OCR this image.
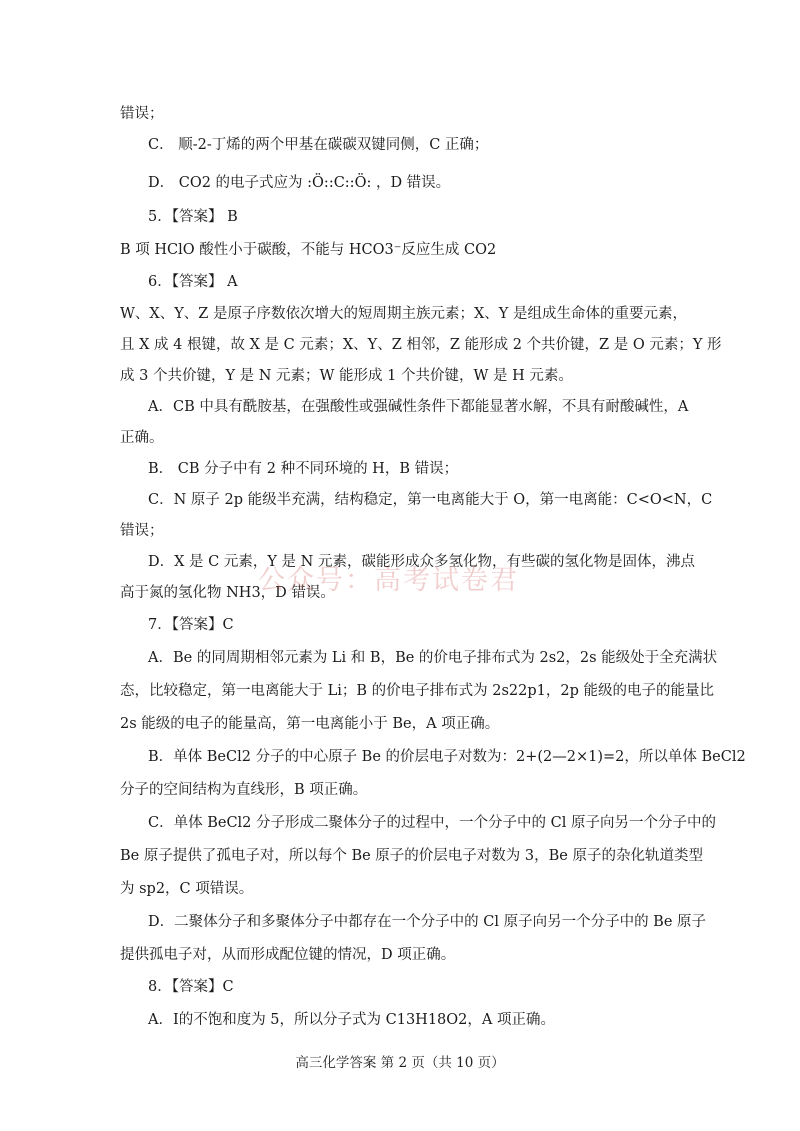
错误；
C． 顺-2-丁烯的两个甲基在碳碳双键同侧，C 正确；
D． CO2 的电子式应为 :Ö::C::Ö: ，D 错误。
5．【答案】 B
B 项 HClO 酸性小于碳酸，不能与 HCO3⁻反应生成 CO2
6．【答案】 A
W、X、Y、Z 是原子序数依次增大的短周期主族元素；X、Y 是组成生命体的重要元素，
且 X 成 4 根键，故 X 是 C 元素；X、Y、Z 相邻，Z 能形成 2 个共价键，Z 是 O 元素；Y 形
成 3 个共价键，Y 是 N 元素；W 能形成 1 个共价键，W 是 H 元素。
A．CB 中具有酰胺基，在强酸性或强碱性条件下都能显著水解，不具有耐酸碱性，A
正确。
B． CB 分子中有 2 种不同环境的 H，B 错误；
C．N 原子 2p 能级半充满，结构稳定，第一电离能大于 O，第一电离能：C<O<N，C
错误；
D．X 是 C 元素，Y 是 N 元素，碳能形成众多氢化物，有些碳的氢化物是固体，沸点
高于氮的氢化物 NH3，D 错误。
7．【答案】C
A．Be 的同周期相邻元素为 Li 和 B，Be 的价电子排布式为 2s2，2s 能级处于全充满状
态，比较稳定，第一电离能大于 Li；B 的价电子排布式为 2s22p1，2p 能级的电子的能量比
2s 能级的电子的能量高，第一电离能小于 Be，A 项正确。
B．单体 BeCl2 分子的中心原子 Be 的价层电子对数为：2+(2—2×1)=2，所以单体 BeCl2
分子的空间结构为直线形，B 项正确。
C．单体 BeCl2 分子形成二聚体分子的过程中，一个分子中的 Cl 原子向另一个分子中的
Be 原子提供了孤电子对，所以每个 Be 原子的价层电子对数为 3，Be 原子的杂化轨道类型
为 sp2，C 项错误。
D．二聚体分子和多聚体分子中都存在一个分子中的 Cl 原子向另一个分子中的 Be 原子
提供孤电子对，从而形成配位键的情况，D 项正确。
8．【答案】C
A．Ⅰ的不饱和度为 5，所以分子式为 C13H18O2，A 项正确。
公众号：高考试卷君
高三化学答案 第 2 页（共 10 页）
